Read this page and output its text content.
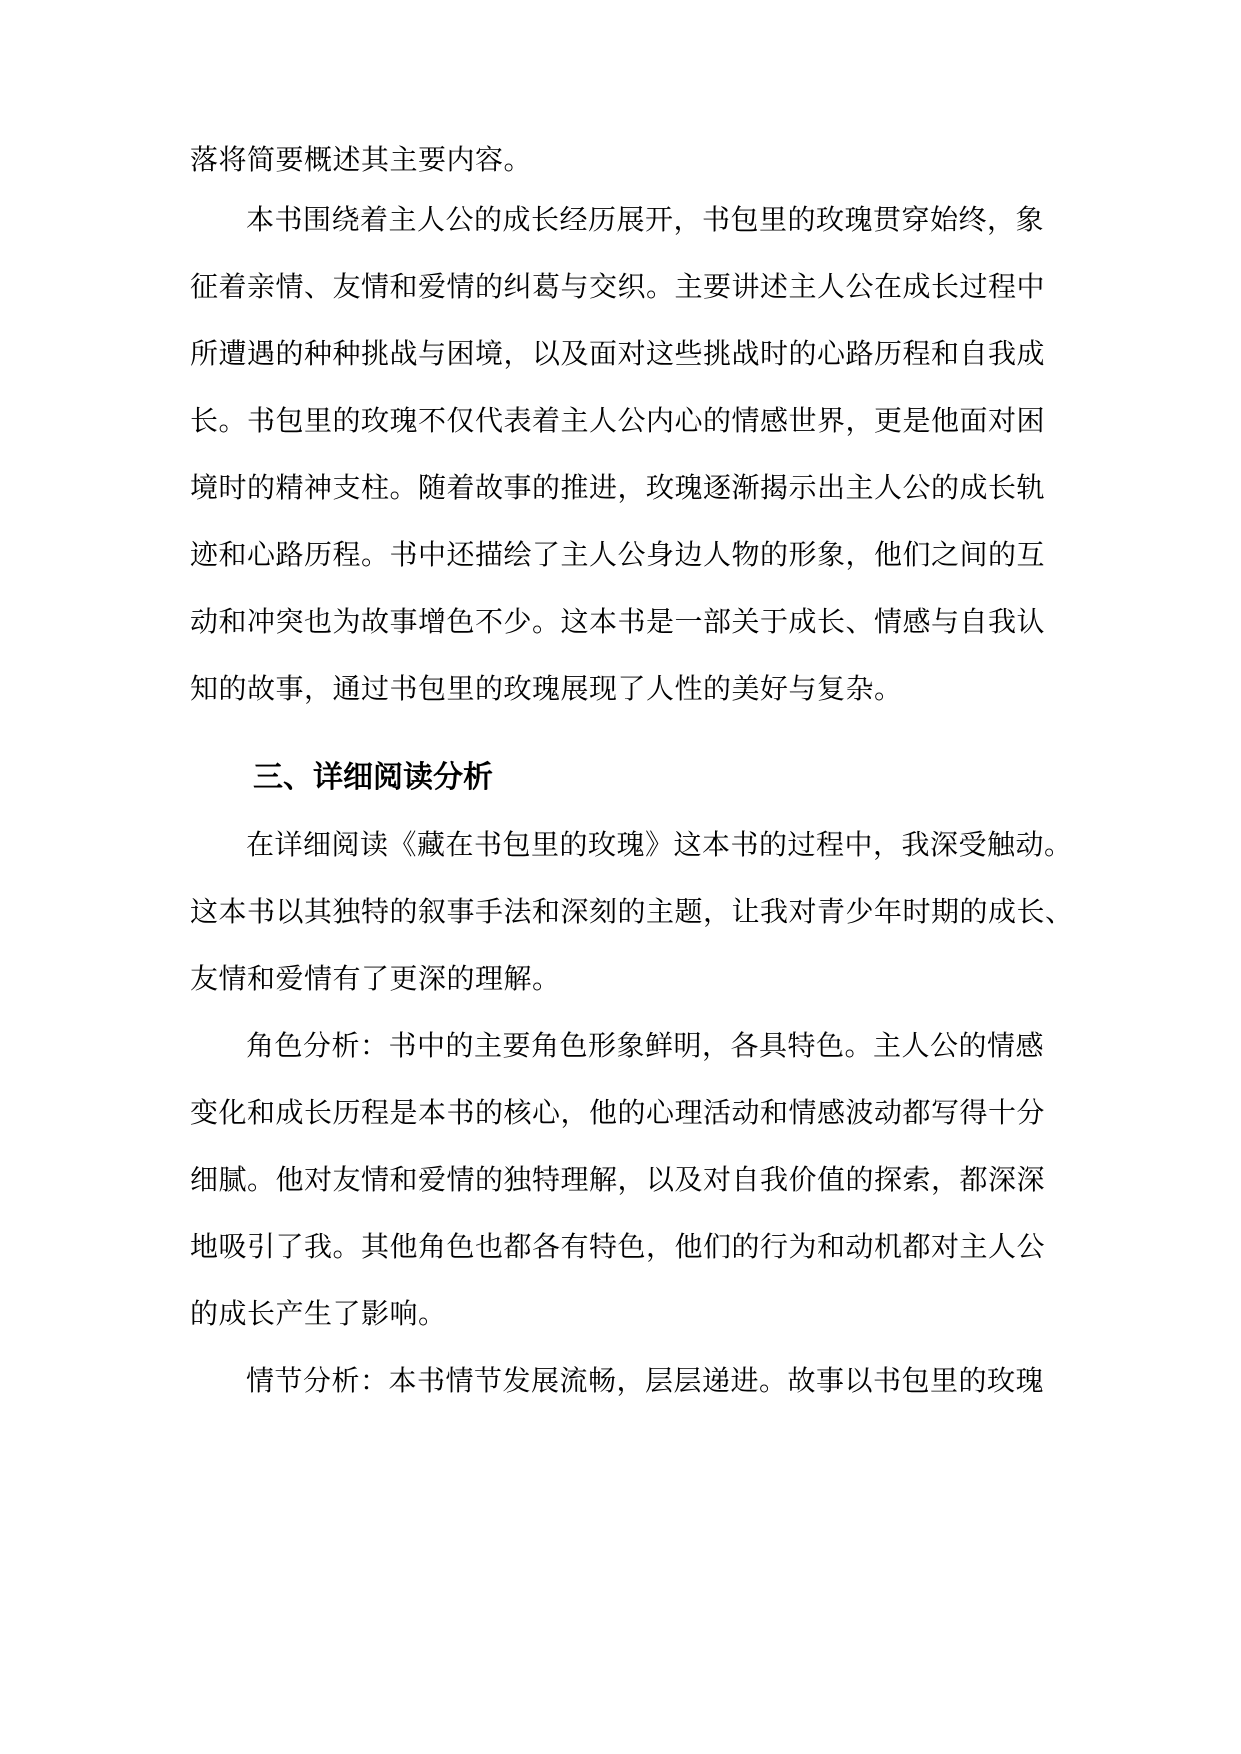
落将简要概述其主要内容。
本书围绕着主人公的成长经历展开，书包里的玫瑰贯穿始终，象
征着亲情、友情和爱情的纠葛与交织。主要讲述主人公在成长过程中
所遭遇的种种挑战与困境，以及面对这些挑战时的心路历程和自我成
长。书包里的玫瑰不仅代表着主人公内心的情感世界，更是他面对困
境时的精神支柱。随着故事的推进，玫瑰逐渐揭示出主人公的成长轨
迹和心路历程。书中还描绘了主人公身边人物的形象，他们之间的互
动和冲突也为故事增色不少。这本书是一部关于成长、情感与自我认
知的故事，通过书包里的玫瑰展现了人性的美好与复杂。
三、详细阅读分析
在详细阅读《藏在书包里的玫瑰》这本书的过程中，我深受触动。
这本书以其独特的叙事手法和深刻的主题，让我对青少年时期的成长、
友情和爱情有了更深的理解。
角色分析：书中的主要角色形象鲜明，各具特色。主人公的情感
变化和成长历程是本书的核心，他的心理活动和情感波动都写得十分
细腻。他对友情和爱情的独特理解，以及对自我价值的探索，都深深
地吸引了我。其他角色也都各有特色，他们的行为和动机都对主人公
的成长产生了影响。
情节分析：本书情节发展流畅，层层递进。故事以书包里的玫瑰
